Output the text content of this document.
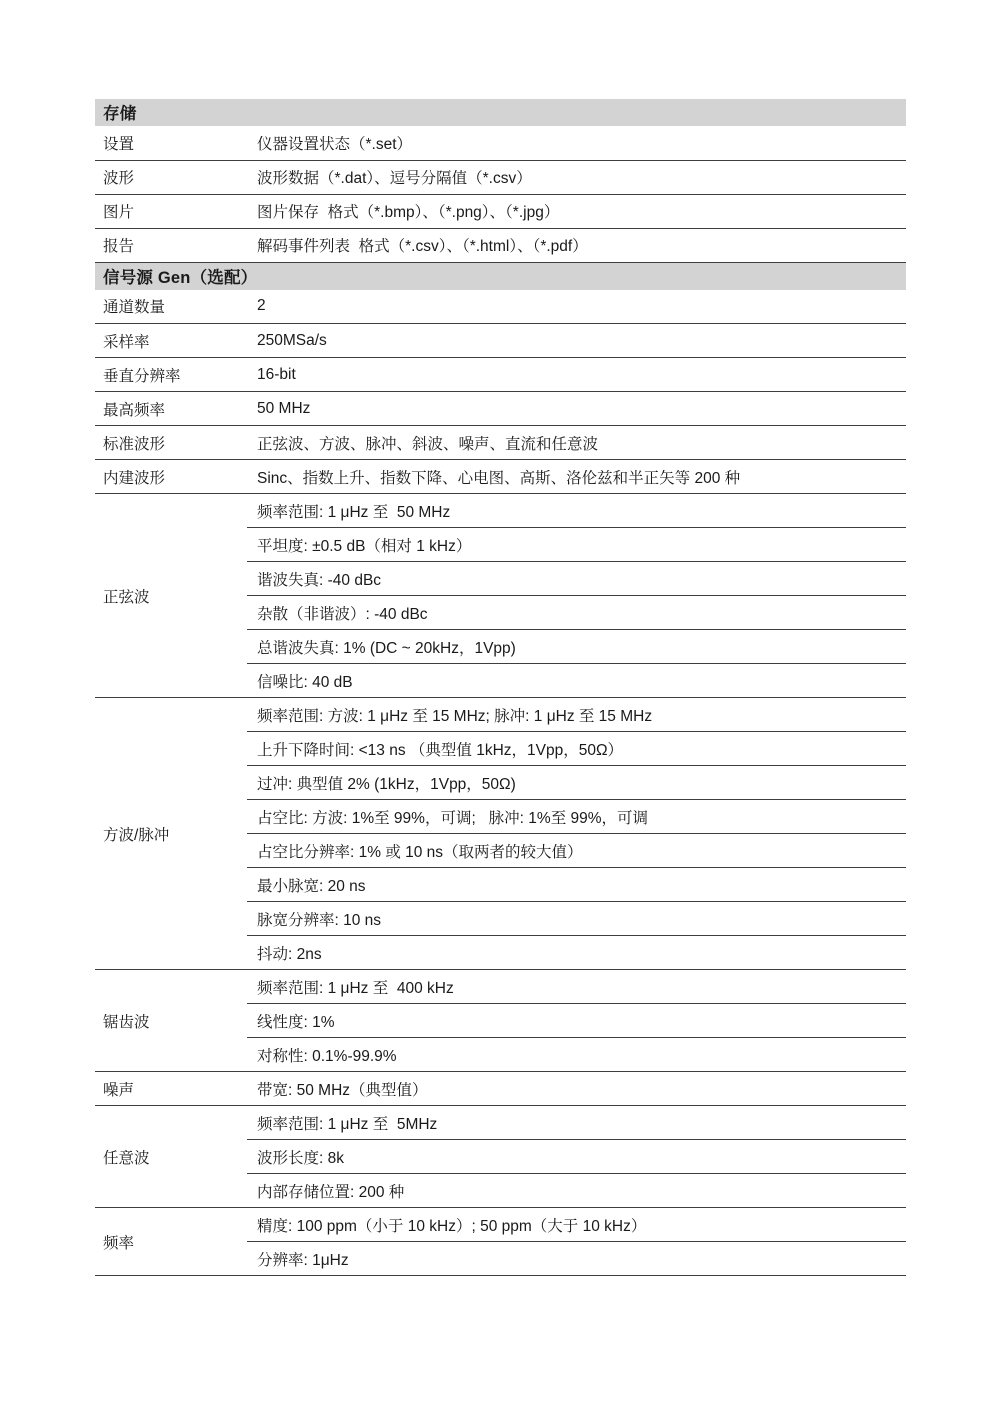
存储	
设置	仪器设置状态（*.set）
波形	波形数据（*.dat）、逗号分隔值（*.csv）
图片	图片保存  格式（*.bmp）、（*.png）、（*.jpg）
报告	解码事件列表  格式（*.csv）、（*.html）、（*.pdf）
信号源 Gen（选配）	
通道数量	2
采样率	250MSa/s
垂直分辨率	16-bit
最高频率	50 MHz
标准波形	正弦波、方波、脉冲、斜波、噪声、直流和任意波
内建波形	Sinc、指数上升、指数下降、心电图、高斯、洛伦兹和半正矢等 200 种
正弦波	频率范围: 1 μHz 至  50 MHz
	平坦度: ±0.5 dB（相对 1 kHz）
	谐波失真: -40 dBc
	杂散（非谐波）: -40 dBc
	总谐波失真: 1% (DC ~ 20kHz，1Vpp)
	信噪比: 40 dB
方波/脉冲	频率范围: 方波: 1 μHz 至 15 MHz; 脉冲: 1 μHz 至 15 MHz
	上升下降时间: <13 ns （典型值 1kHz，1Vpp，50Ω）
	过冲: 典型值 2% (1kHz，1Vpp，50Ω)
	占空比: 方波: 1%至 99%，可调;   脉冲: 1%至 99%，可调
	占空比分辨率: 1% 或 10 ns（取两者的较大值）
	最小脉宽: 20 ns
	脉宽分辨率: 10 ns
	抖动: 2ns
锯齿波	频率范围: 1 μHz 至  400 kHz
	线性度: 1%
	对称性: 0.1%-99.9%
噪声	带宽: 50 MHz（典型值）
任意波	频率范围: 1 μHz 至  5MHz
	波形长度: 8k
	内部存储位置: 200 种
频率	精度: 100 ppm（小于 10 kHz）; 50 ppm（大于 10 kHz）
	分辨率: 1μHz
